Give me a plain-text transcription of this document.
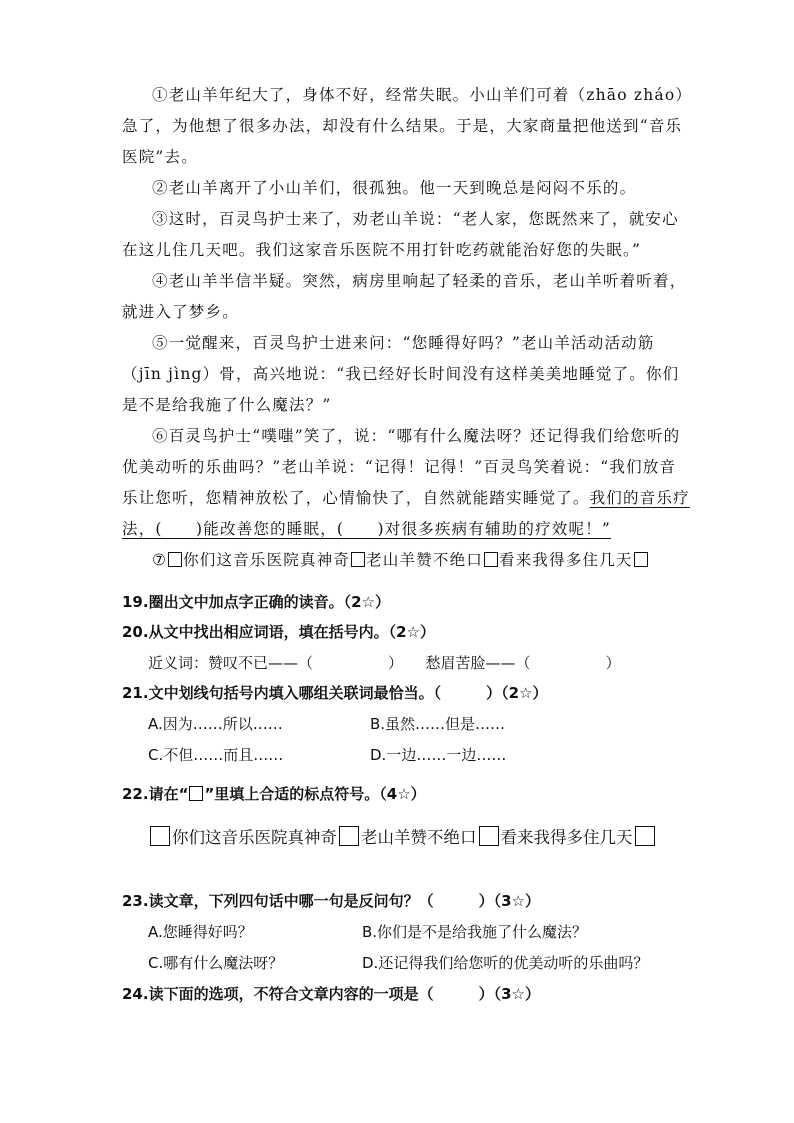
①老山羊年纪大了，身体不好，经常失眠。小山羊们可着（zhāo zháo）急了，为他想了很多办法，却没有什么结果。于是，大家商量把他送到“音乐医院”去。

②老山羊离开了小山羊们，很孤独。他一天到晚总是闷闷不乐的。

③这时，百灵鸟护士来了，劝老山羊说：“老人家，您既然来了，就安心在这儿住几天吧。我们这家音乐医院不用打针吃药就能治好您的失眠。”

④老山羊半信半疑。突然，病房里响起了轻柔的音乐，老山羊听着听着，就进入了梦乡。

⑤一觉醒来，百灵鸟护士进来问：“您睡得好吗？”老山羊活动活动筋（jīn jìng）骨，高兴地说：“我已经好长时间没有这样美美地睡觉了。你们是不是给我施了什么魔法？”

⑥百灵鸟护士“噗嗤”笑了，说：“哪有什么魔法呀？还记得我们给您听的优美动听的乐曲吗？”老山羊说：“记得！记得！”百灵鸟笑着说：“我们放音乐让您听，您精神放松了，心情愉快了，自然就能踏实睡觉了。我们的音乐疗法，(　　)能改善您的睡眠，(　　)对很多疾病有辅助的疗效呢！”

⑦ 你们这音乐医院真神奇 老山羊赞不绝口 看来我得多住几天

19.圈出文中加点字正确的读音。（2☆）
20.从文中找出相应词语，填在括号内。（2☆）
近义词：赞叹不已——（　　　　　）　　愁眉苦脸——（　　　　　）
21.文中划线句括号内填入哪组关联词最恰当。（　　　）（2☆）
A.因为……所以……	B.虽然……但是……
C.不但……而且……	D.一边……一边……
22.请在“ ”里填上合适的标点符号。（4☆）
你们这音乐医院真神奇 老山羊赞不绝口 看来我得多住几天
23.读文章，下列四句话中哪一句是反问句？（　　　）（3☆）
A.您睡得好吗？	B.你们是不是给我施了什么魔法？
C.哪有什么魔法呀？	D.还记得我们给您听的优美动听的乐曲吗？
24.读下面的选项，不符合文章内容的一项是（　　　）（3☆）
